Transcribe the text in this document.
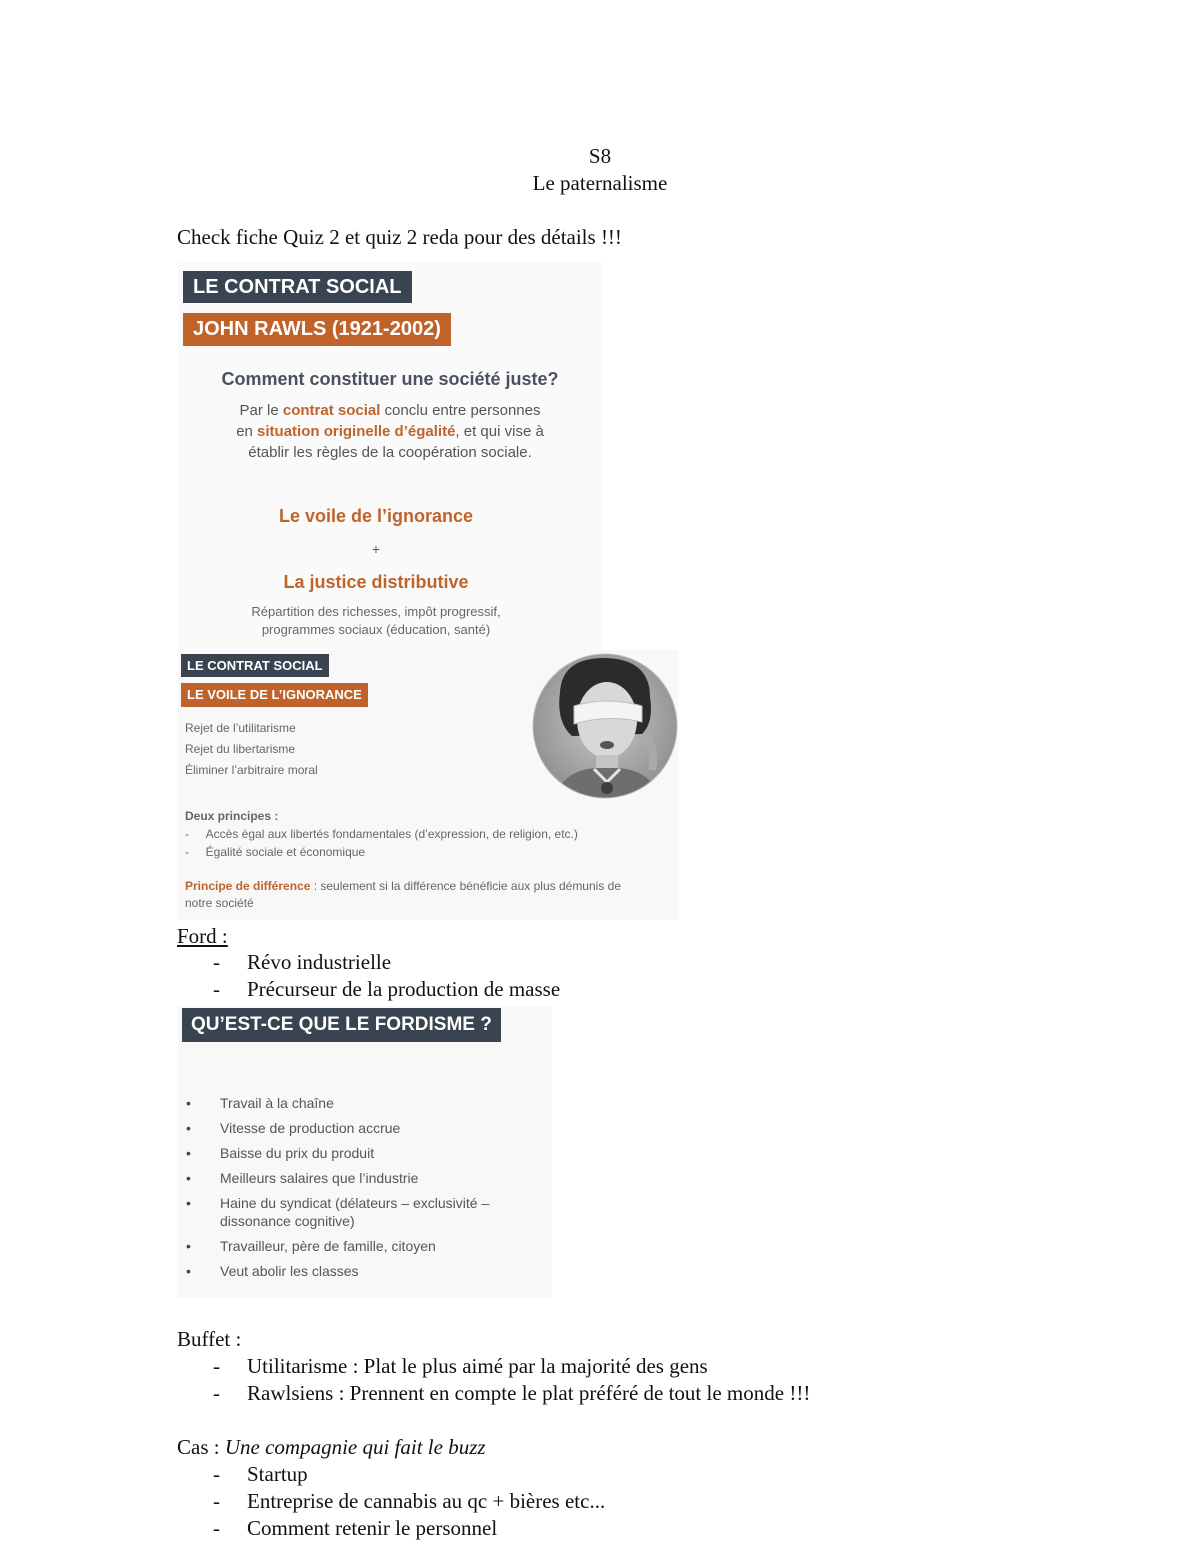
S8
Le paternalisme
Check fiche Quiz 2 et quiz 2 reda pour des détails !!!
LE CONTRAT SOCIAL
JOHN RAWLS (1921-2002)
Comment constituer une société juste?
Par le contrat social conclu entre personnes
en situation originelle d’égalité, et qui vise à
établir les règles de la coopération sociale.
Le voile de l’ignorance
+
La justice distributive
Répartition des richesses, impôt progressif,
programmes sociaux (éducation, santé)
LE CONTRAT SOCIAL
LE VOILE DE L’IGNORANCE
Rejet de l’utilitarisme
Rejet du libertarisme
Éliminer l’arbitraire moral
Deux principes :
-     Accès égal aux libertés fondamentales (d’expression, de religion, etc.)
-     Égalité sociale et économique
Principe de différence : seulement si la différence bénéficie aux plus démunis de
notre société
Ford :
- Révo industrielle
- Précurseur de la production de masse
QU’EST-CE QUE LE FORDISME ?
• Travail à la chaîne
• Vitesse de production accrue
• Baisse du prix du produit
• Meilleurs salaires que l’industrie
• Haine du syndicat (délateurs – exclusivité –
dissonance cognitive)
• Travailleur, père de famille, citoyen
• Veut abolir les classes
Buffet :
- Utilitarisme : Plat le plus aimé par la majorité des gens
- Rawlsiens : Prennent en compte le plat préféré de tout le monde !!!
Cas : Une compagnie qui fait le buzz
- Startup
- Entreprise de cannabis au qc + bières etc...
- Comment retenir le personnel
